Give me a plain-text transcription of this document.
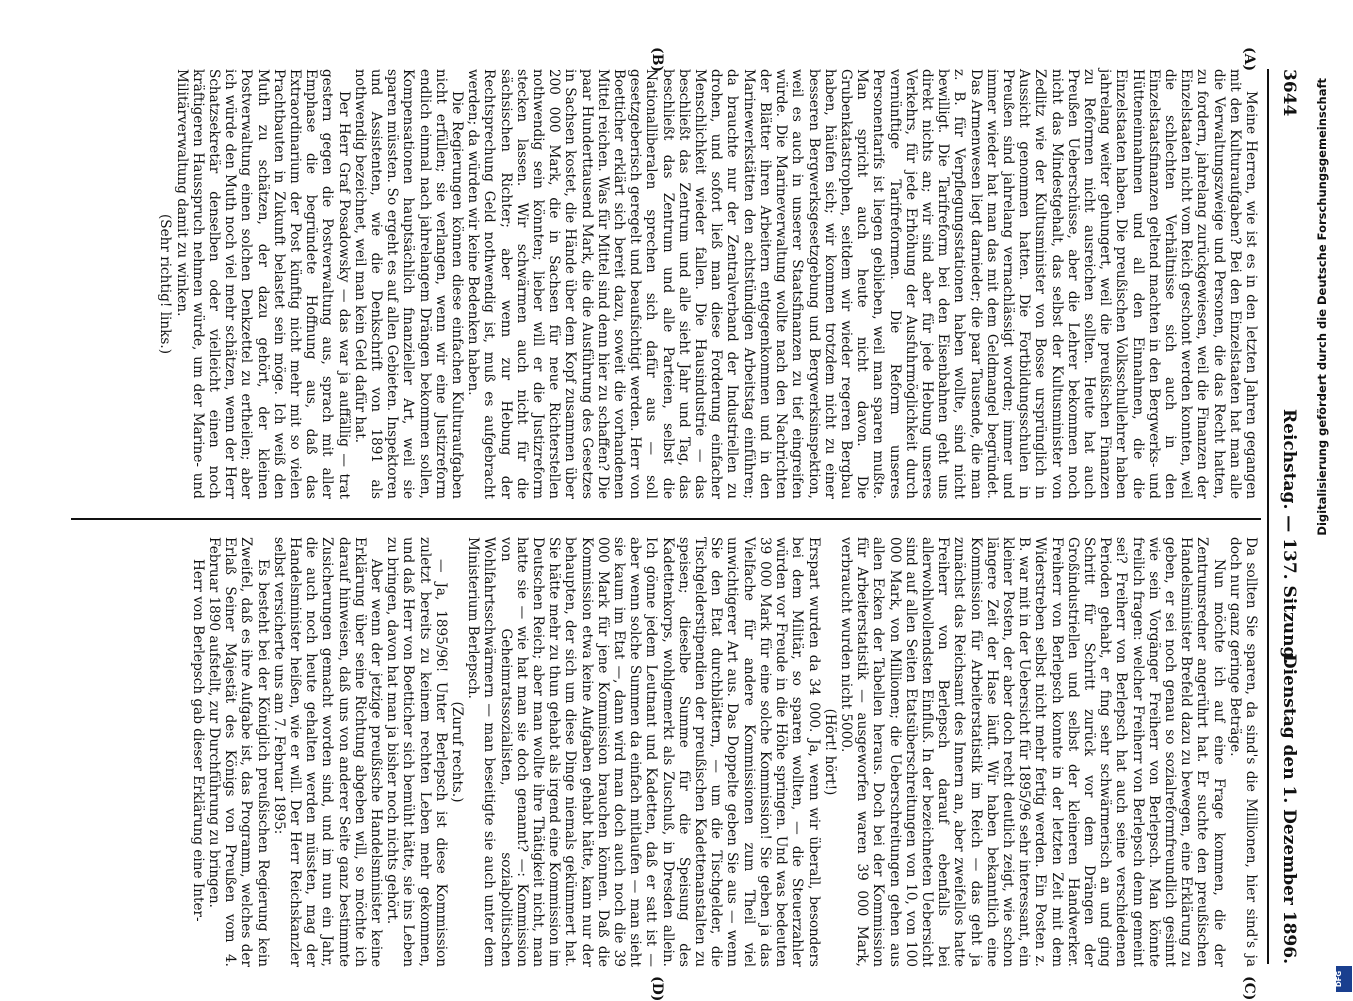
3644
Reichstag. — 137. Sitzung.
Dienstag den 1. Dezember 1896.
(A)
(B)
(C)
(D)

Meine Herren, wie ist es in den letzten Jahren gegangen mit den Kulturaufgaben? Bei den Einzelstaaten hat man alle die Verwaltungszweige und Personen, die das Recht hatten, zu fordern, jahrelang zurückgewiesen, weil die Finanzen der Einzelstaaten nicht vom Reich geschont werden konnten, weil die schlechten Verhältnisse sich auch in den Einzelstaatsfinanzen geltend machten in den Bergwerks- und Hütteneinnahmen und all den Einnahmen, die die Einzelstaaten haben. Die preußischen Volksschullehrer haben jahrelang weiter gehungert, weil die preußischen Finanzen zu Reformen nicht ausreichen sollten. Heute hat auch Preußen Ueberschüsse, aber die Lehrer bekommen noch nicht das Mindestgehalt, das selbst der Kultusminister von Zedlitz wie der Kultusminister von Bosse ursprünglich in Aussicht genommen hatten. Die Fortbildungsschulen in Preußen sind jahrelang vernachlässigt worden; immer und immer wieder hat man das mit dem Geldmangel begründet. Das Armenwesen liegt darnieder; die paar Tausende, die man z. B. für Verpflegungsstationen haben wollte, sind nicht bewilligt. Die Tarifreform bei den Eisenbahnen geht uns direkt nichts an; wir sind aber für jede Hebung unseres Verkehrs, für jede Erhöhung der Ausfuhrmöglichkeit durch vernünftige Tarifreformen. Die Reform unseres Personentarifs ist liegen geblieben, weil man sparen mußte. Man spricht auch heute nicht davon. Die Grubenkatastrophen, seitdem wir wieder regeren Bergbau haben, häufen sich; wir kommen trotzdem nicht zu einer besseren Bergwerksgesetzgebung und Bergwerksinspektion, weil es auch in unserer Staatsfinanzen zu tief eingreifen würde. Die Marineverwaltung wollte nach den Nachrichten der Blätter ihren Arbeitern entgegenkommen und in den Marinewerkstätten den achtstündigen Arbeitstag einführen; da brauchte nur der Zentralverband der Industriellen zu drohen, und sofort ließ man diese Forderung einfacher Menschlichkeit wieder fallen. Die Hausindustrie — das beschließt das Zentrum und alle sieht Jahr und Tag, das beschließt das Zentrum und alle Parteien, selbst die Nationalliberalen sprechen sich dafür aus — soll gesetzgeberisch geregelt und beaufsichtigt werden. Herr von Boetticher erklärt sich bereit dazu, soweit die vorhandenen Mittel reichen. Was für Mittel sind denn hier zu schaffen? Die paar Hunderttausend Mark, die die Ausführung des Gesetzes in Sachsen kostet, die Hände über dem Kopf zusammen über 200 000 Mark, die in Sachsen für neue Richterstellen nothwendig sein könnten; lieber will er die Justizreform stecken lassen. Wir schwärmen auch nicht für die sächsischen Richter; aber wenn zur Hebung der Rechtsprechung Geld nothwendig ist, muß es aufgebracht werden; da würden wir keine Bedenken haben.

Die Regierungen können diese einfachen Kulturaufgaben nicht erfüllen; sie verlangen, wenn wir eine Justizreform endlich einmal nach jahrelangem Drängen bekommen sollen, Kompensationen hauptsächlich finanzieller Art, weil sie sparen müssten. So ergeht es auf allen Gebieten. Inspektoren und Assistenten, wie die Denkschrift von 1891 als nothwendig bezeichnet, weil man kein Geld dafür hat.

Der Herr Graf Posadowsky — das war ja auffällig — trat gestern gegen die Postverwaltung aus, sprach mit aller Emphase die begründete Hoffnung aus, daß das Extraordinarium der Post künftig nicht mehr mit so vielen Prachtbauten in Zukunft belastet sein möge. Ich weiß den Muth zu schätzen, der dazu gehört, der kleinen Postverwaltung einen solchen Denkzettel zu ertheilen; aber ich würde den Muth noch viel mehr schätzen, wenn der Herr Schatzsekretär denselben oder vielleicht einen noch kräftigeren Hausspruch nehmen würde, um der Marine- und Militärverwaltung damit zu winken.

(Sehr richtig! links.)

Da sollten Sie sparen, da sind's die Millionen, hier sind's ja doch nur ganz geringe Beträge.

Nun möchte ich auf eine Frage kommen, die der Zentrumsredner angerührt hat. Er suchte den preußischen Handelsminister Brefeld dazu zu bewegen, eine Erklärung zu geben, er sei noch genau so sozialreformfreundlich gesinnt wie sein Vorgänger Freiherr von Berlepsch. Man könnte freilich fragen: welcher Freiherr von Berlepsch denn gemeint sei? Freiherr von Berlepsch hat auch seine verschiedenen Perioden gehabt, er fing sehr schwärmerisch an und ging Schritt für Schritt zurück vor dem Drängen der Großindustriellen und selbst der kleineren Handwerker. Freiherr von Berlepsch konnte in der letzten Zeit mit dem Widerstreben selbst nicht mehr fertig werden. Ein Posten z. B. war mit in der Uebersicht für 1895/96 sehr interessant, ein kleiner Posten, der aber doch recht deutlich zeigt, wie schon längere Zeit der Hase läuft. Wir haben bekanntlich eine Kommission für Arbeiterstatistik im Reich — das geht ja zunächst das Reichsamt des Innern an, aber zweifellos hatte Freiherr von Berlepsch darauf ebenfalls bei allerwohlwollendsten Einfluß. In der bezeichneten Uebersicht sind auf allen Seiten Etatsüberschreitungen von 10, von 100 000 Mark, von Millionen; die Ueberschreitungen gehen aus allen Ecken der Tabellen heraus. Doch bei der Kommission für Arbeiterstatistik — ausgeworfen waren 39 000 Mark, verbraucht wurden nicht 5000.

(Hört! hört!)

Erspart wurden da 34 000. Ja, wenn wir überall, besonders bei dem Militär, so sparen wollten, — die Steuerzahler würden vor Freude in die Höhe springen. Und was bedeuten 39 000 Mark für eine solche Kommission! Sie geben ja das Vielfache für andere Kommissionen zum Theil viel unwichtigerer Art aus. Das Doppelte geben Sie aus — wenn Sie den Etat durchblättern, — um die Tischgelder, die Tischgelderstipendien der preußischen Kadettenanstalten zu speisen; dieselbe Summe für die Speisung des Kadettenkorps, wohlgemerkt als Zuschuß, in Dresden allein. Ich gönne jedem Leutnant und Kadetten, daß er satt ist — aber wenn solche Summen da einfach mitlaufen — man sieht sie kaum im Etat —, dann wird man doch auch noch die 39 000 Mark für jene Kommission brauchen können. Daß die Kommission etwa keine Aufgaben gehabt hätte, kann nur der behaupten, der sich um diese Dinge niemals gekümmert hat. Sie hätte mehr zu thun gehabt als irgend eine Kommission im Deutschen Reich; aber man wollte ihre Thätigkeit nicht, man hatte sie — wie hat man sie doch genannt? —: Kommission von Geheimratssozialisten, sozialpolitischen Wohlfahrtsschwärmern — man beseitigte sie auch unter dem Ministerium Berlepsch.

(Zuruf rechts.)

— Ja, 1895/96! Unter Berlepsch ist diese Kommission zuletzt bereits zu keinem rechten Leben mehr gekommen, und daß Herr von Boetticher sich bemüht hätte, sie ins Leben zu bringen, davon hat man ja bisher noch nichts gehört.

Aber wenn der jetzige preußische Handelsminister keine Erklärung über seine Richtung abgeben will, so möchte ich darauf hinweisen, daß uns von anderer Seite ganz bestimmte Zusicherungen gemacht worden sind, und im nun ein Jahr, die auch noch heute gehalten werden müssten, mag der Handelsminister heißen, wie er will. Der Herr Reichskanzler selbst versicherte uns am 7. Februar 1895:

Es besteht bei der Königlich preußischen Regierung kein Zweifel, daß es ihre Aufgabe ist, das Programm, welches der Erlaß Seiner Majestät des Königs von Preußen vom 4. Februar 1890 aufstellt, zur Durchführung zu bringen.

Herr von Berlepsch gab dieser Erklärung eine Inter-

Digitalisierung gefördert durch die Deutsche Forschungsgemeinschaft
DFG
